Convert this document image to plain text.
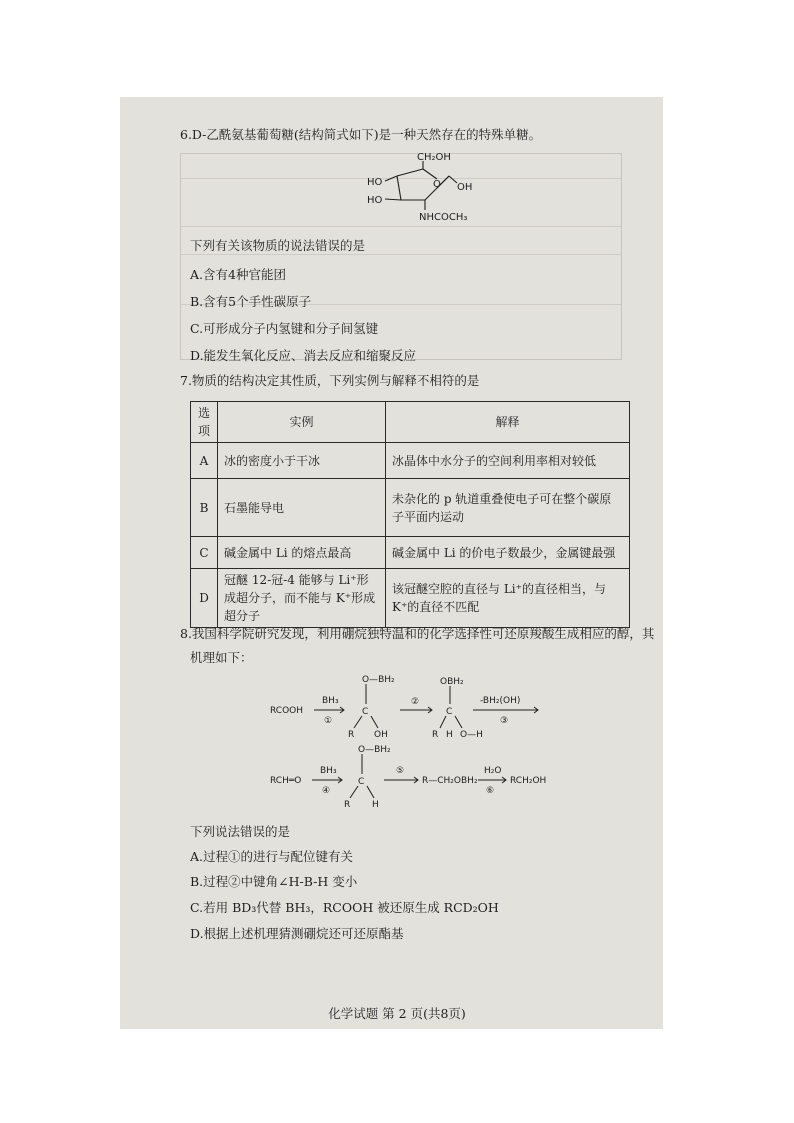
6.D-乙酰氨基葡萄糖(结构简式如下)是一种天然存在的特殊单糖。
CH₂OH
O
HO	OH
HO
NHCOCH₃
下列有关该物质的说法错误的是
A.含有4种官能团
B.含有5个手性碳原子
C.可形成分子内氢键和分子间氢键
D.能发生氧化反应、消去反应和缩聚反应
7.物质的结构决定其性质，下列实例与解释不相符的是
选项	实例	解释
A	冰的密度小于干冰	冰晶体中水分子的空间利用率相对较低
B	石墨能导电	未杂化的 p 轨道重叠使电子可在整个碳原子平面内运动
C	碱金属中 Li 的熔点最高	碱金属中 Li 的价电子数最少，金属键最强
D	冠醚 12-冠-4 能够与 Li⁺形成超分子，而不能与 K⁺形成超分子	该冠醚空腔的直径与 Li⁺的直径相当，与 K⁺的直径不匹配
8.我国科学院研究发现，利用硼烷独特温和的化学选择性可还原羧酸生成相应的醇，其
机理如下：
RCOOH
BH₃
①
O—BH₂
C
R OH
②
OBH₂
C
R H O—H
-BH₂(OH)
③
RCH═O
BH₃
④
O—BH₂
C
R H
⑤
R—CH₂OBH₂
H₂O
⑥
RCH₂OH
下列说法错误的是
A.过程①的进行与配位键有关
B.过程②中键角∠H-B-H 变小
C.若用 BD₃代替 BH₃，RCOOH 被还原生成 RCD₂OH
D.根据上述机理猜测硼烷还可还原酯基
化学试题 第 2 页(共8页)
